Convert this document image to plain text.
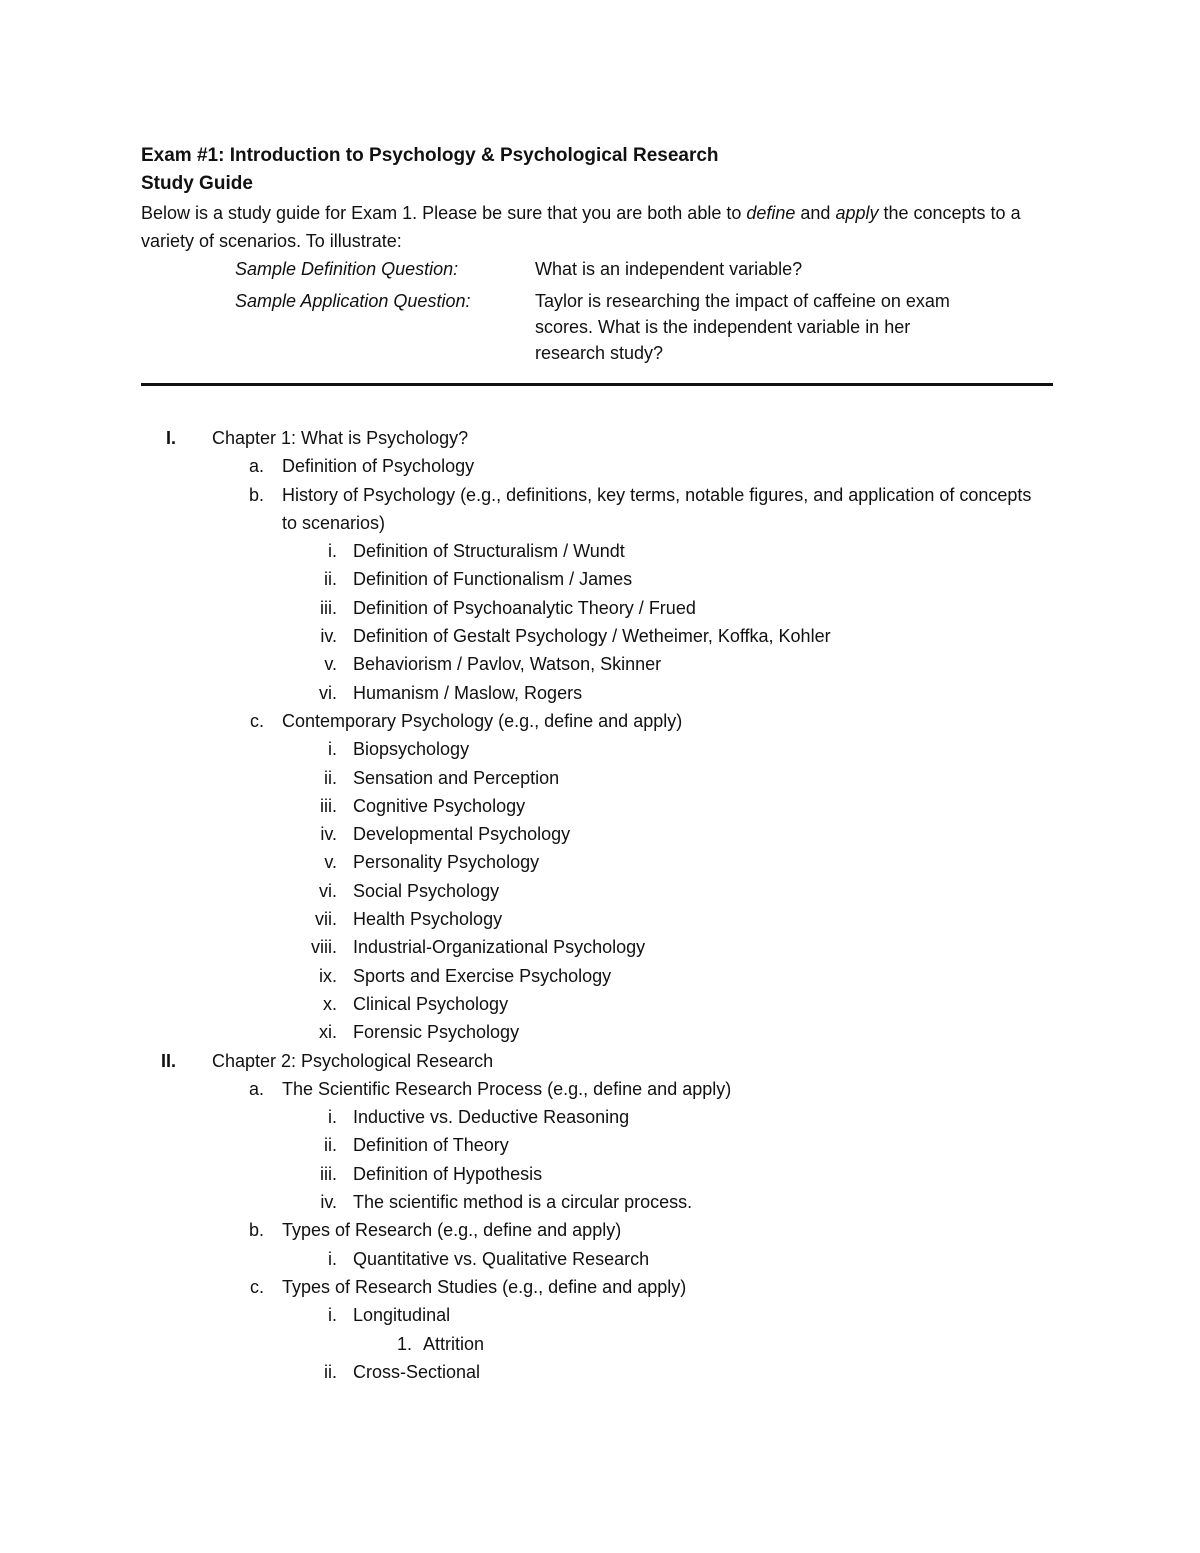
Exam #1: Introduction to Psychology & Psychological Research
Study Guide
Below is a study guide for Exam 1. Please be sure that you are both able to define and apply the concepts to a variety of scenarios. To illustrate:
Sample Definition Question:	What is an independent variable?
Sample Application Question:	Taylor is researching the impact of caffeine on exam scores. What is the independent variable in her research study?
I. Chapter 1: What is Psychology?
a. Definition of Psychology
b. History of Psychology (e.g., definitions, key terms, notable figures, and application of concepts to scenarios)
i. Definition of Structuralism / Wundt
ii. Definition of Functionalism / James
iii. Definition of Psychoanalytic Theory / Frued
iv. Definition of Gestalt Psychology / Wetheimer, Koffka, Kohler
v. Behaviorism / Pavlov, Watson, Skinner
vi. Humanism / Maslow, Rogers
c. Contemporary Psychology (e.g., define and apply)
i. Biopsychology
ii. Sensation and Perception
iii. Cognitive Psychology
iv. Developmental Psychology
v. Personality Psychology
vi. Social Psychology
vii. Health Psychology
viii. Industrial-Organizational Psychology
ix. Sports and Exercise Psychology
x. Clinical Psychology
xi. Forensic Psychology
II. Chapter 2: Psychological Research
a. The Scientific Research Process (e.g., define and apply)
i. Inductive vs. Deductive Reasoning
ii. Definition of Theory
iii. Definition of Hypothesis
iv. The scientific method is a circular process.
b. Types of Research (e.g., define and apply)
i. Quantitative vs. Qualitative Research
c. Types of Research Studies (e.g., define and apply)
i. Longitudinal
1. Attrition
ii. Cross-Sectional
